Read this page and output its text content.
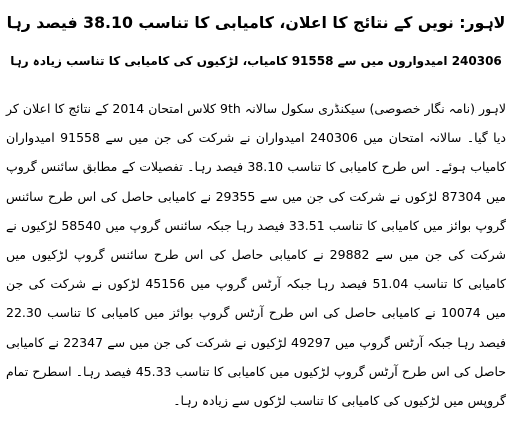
لاہور: نویں کے نتائج کا اعلان، کامیابی کا تناسب 38.10 فیصد رہا
240306 امیدواروں میں سے 91558 کامیاب، لڑکیوں کی کامیابی کا تناسب زیادہ رہا

لاہور (نامہ نگار خصوصی) سیکنڈری سکول سالانہ 9th کلاس امتحان 2014 کے نتائج کا اعلان کر دیا گیا۔ سالانہ امتحان میں 240306 امیدواران نے شرکت کی جن میں سے 91558 امیدواران کامیاب ہوئے۔ اس طرح کامیابی کا تناسب 38.10 فیصد رہا۔ تفصیلات کے مطابق سائنس گروپ میں 87304 لڑکوں نے شرکت کی جن میں سے 29355 نے کامیابی حاصل کی اس طرح سائنس گروپ بوائز میں کامیابی کا تناسب 33.51 فیصد رہا جبکہ سائنس گروپ میں 58540 لڑکیوں نے شرکت کی جن میں سے 29882 نے کامیابی حاصل کی اس طرح سائنس گروپ لڑکیوں میں کامیابی کا تناسب 51.04 فیصد رہا جبکہ آرٹس گروپ میں 45156 لڑکوں نے شرکت کی جن میں 10074 نے کامیابی حاصل کی اس طرح آرٹس گروپ بوائز میں کامیابی کا تناسب 22.30 فیصد رہا جبکہ آرٹس گروپ میں 49297 لڑکیوں نے شرکت کی جن میں سے 22347 نے کامیابی حاصل کی اس طرح آرٹس گروپ لڑکیوں میں کامیابی کا تناسب 45.33 فیصد رہا۔ اسطرح تمام گروپس میں لڑکیوں کی کامیابی کا تناسب لڑکوں سے زیادہ رہا۔
